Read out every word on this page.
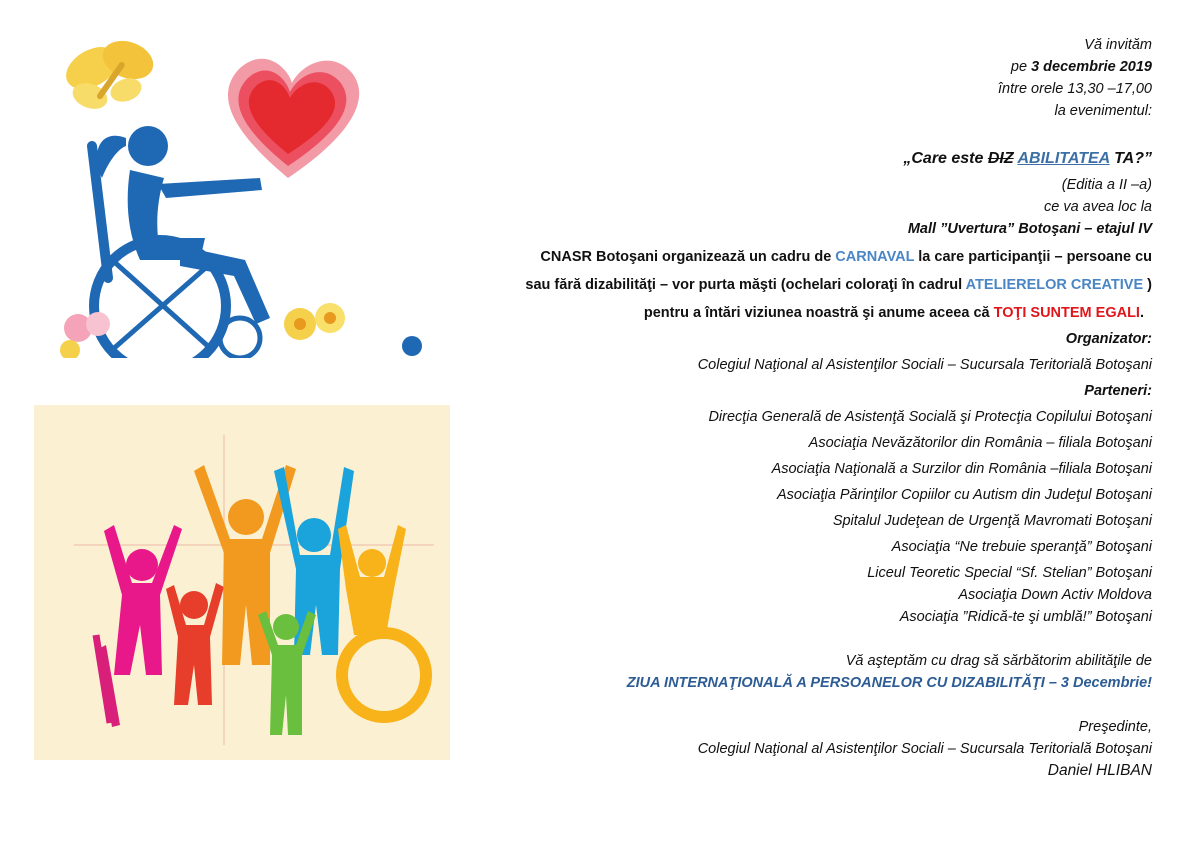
Vă invităm
pe 3 decembrie 2019
între orele 13,30 –17,00
la evenimentul:
„Care este DIZ ABILITATEA TA?”
(Editia a II –a)
ce va avea loc la
Mall ”Uvertura” Botoşani – etajul IV
CNASR Botoşani organizează un cadru de CARNAVAL la care participanţii – persoane cu
sau fără dizabilităţi – vor purta măşti (ochelari coloraţi în cadrul ATELIERELOR CREATIVE )
pentru a întări viziunea noastră şi anume aceea că TOŢI SUNTEM EGALI.
Organizator:
Colegiul Naţional al Asistenţilor Sociali – Sucursala Teritorială Botoşani
Parteneri:
Direcţia Generală de Asistenţă Socială şi Protecţia Copilului Botoşani
Asociaţia Nevăzătorilor din România – filiala Botoşani
Asociaţia Naţională a Surzilor din România –filiala Botoşani
Asociaţia Părinţilor Copiilor cu Autism din Judeţul Botoşani
Spitalul Judeţean de Urgenţă Mavromati Botoşani
Asociaţia “Ne trebuie speranţă” Botoşani
Liceul Teoretic Special “Sf. Stelian” Botoşani
Asociaţia Down Activ Moldova
Asociaţia ”Ridică-te şi umblă!” Botoşani
Vă aşteptăm cu drag să sărbătorim abilităţile de
ZIUA INTERNAŢIONALĂ A PERSOANELOR CU DIZABILITĂŢI – 3 Decembrie!
Preşedinte,
Colegiul Naţional al Asistenţilor Sociali – Sucursala Teritorială Botoşani
Daniel HLIBAN
